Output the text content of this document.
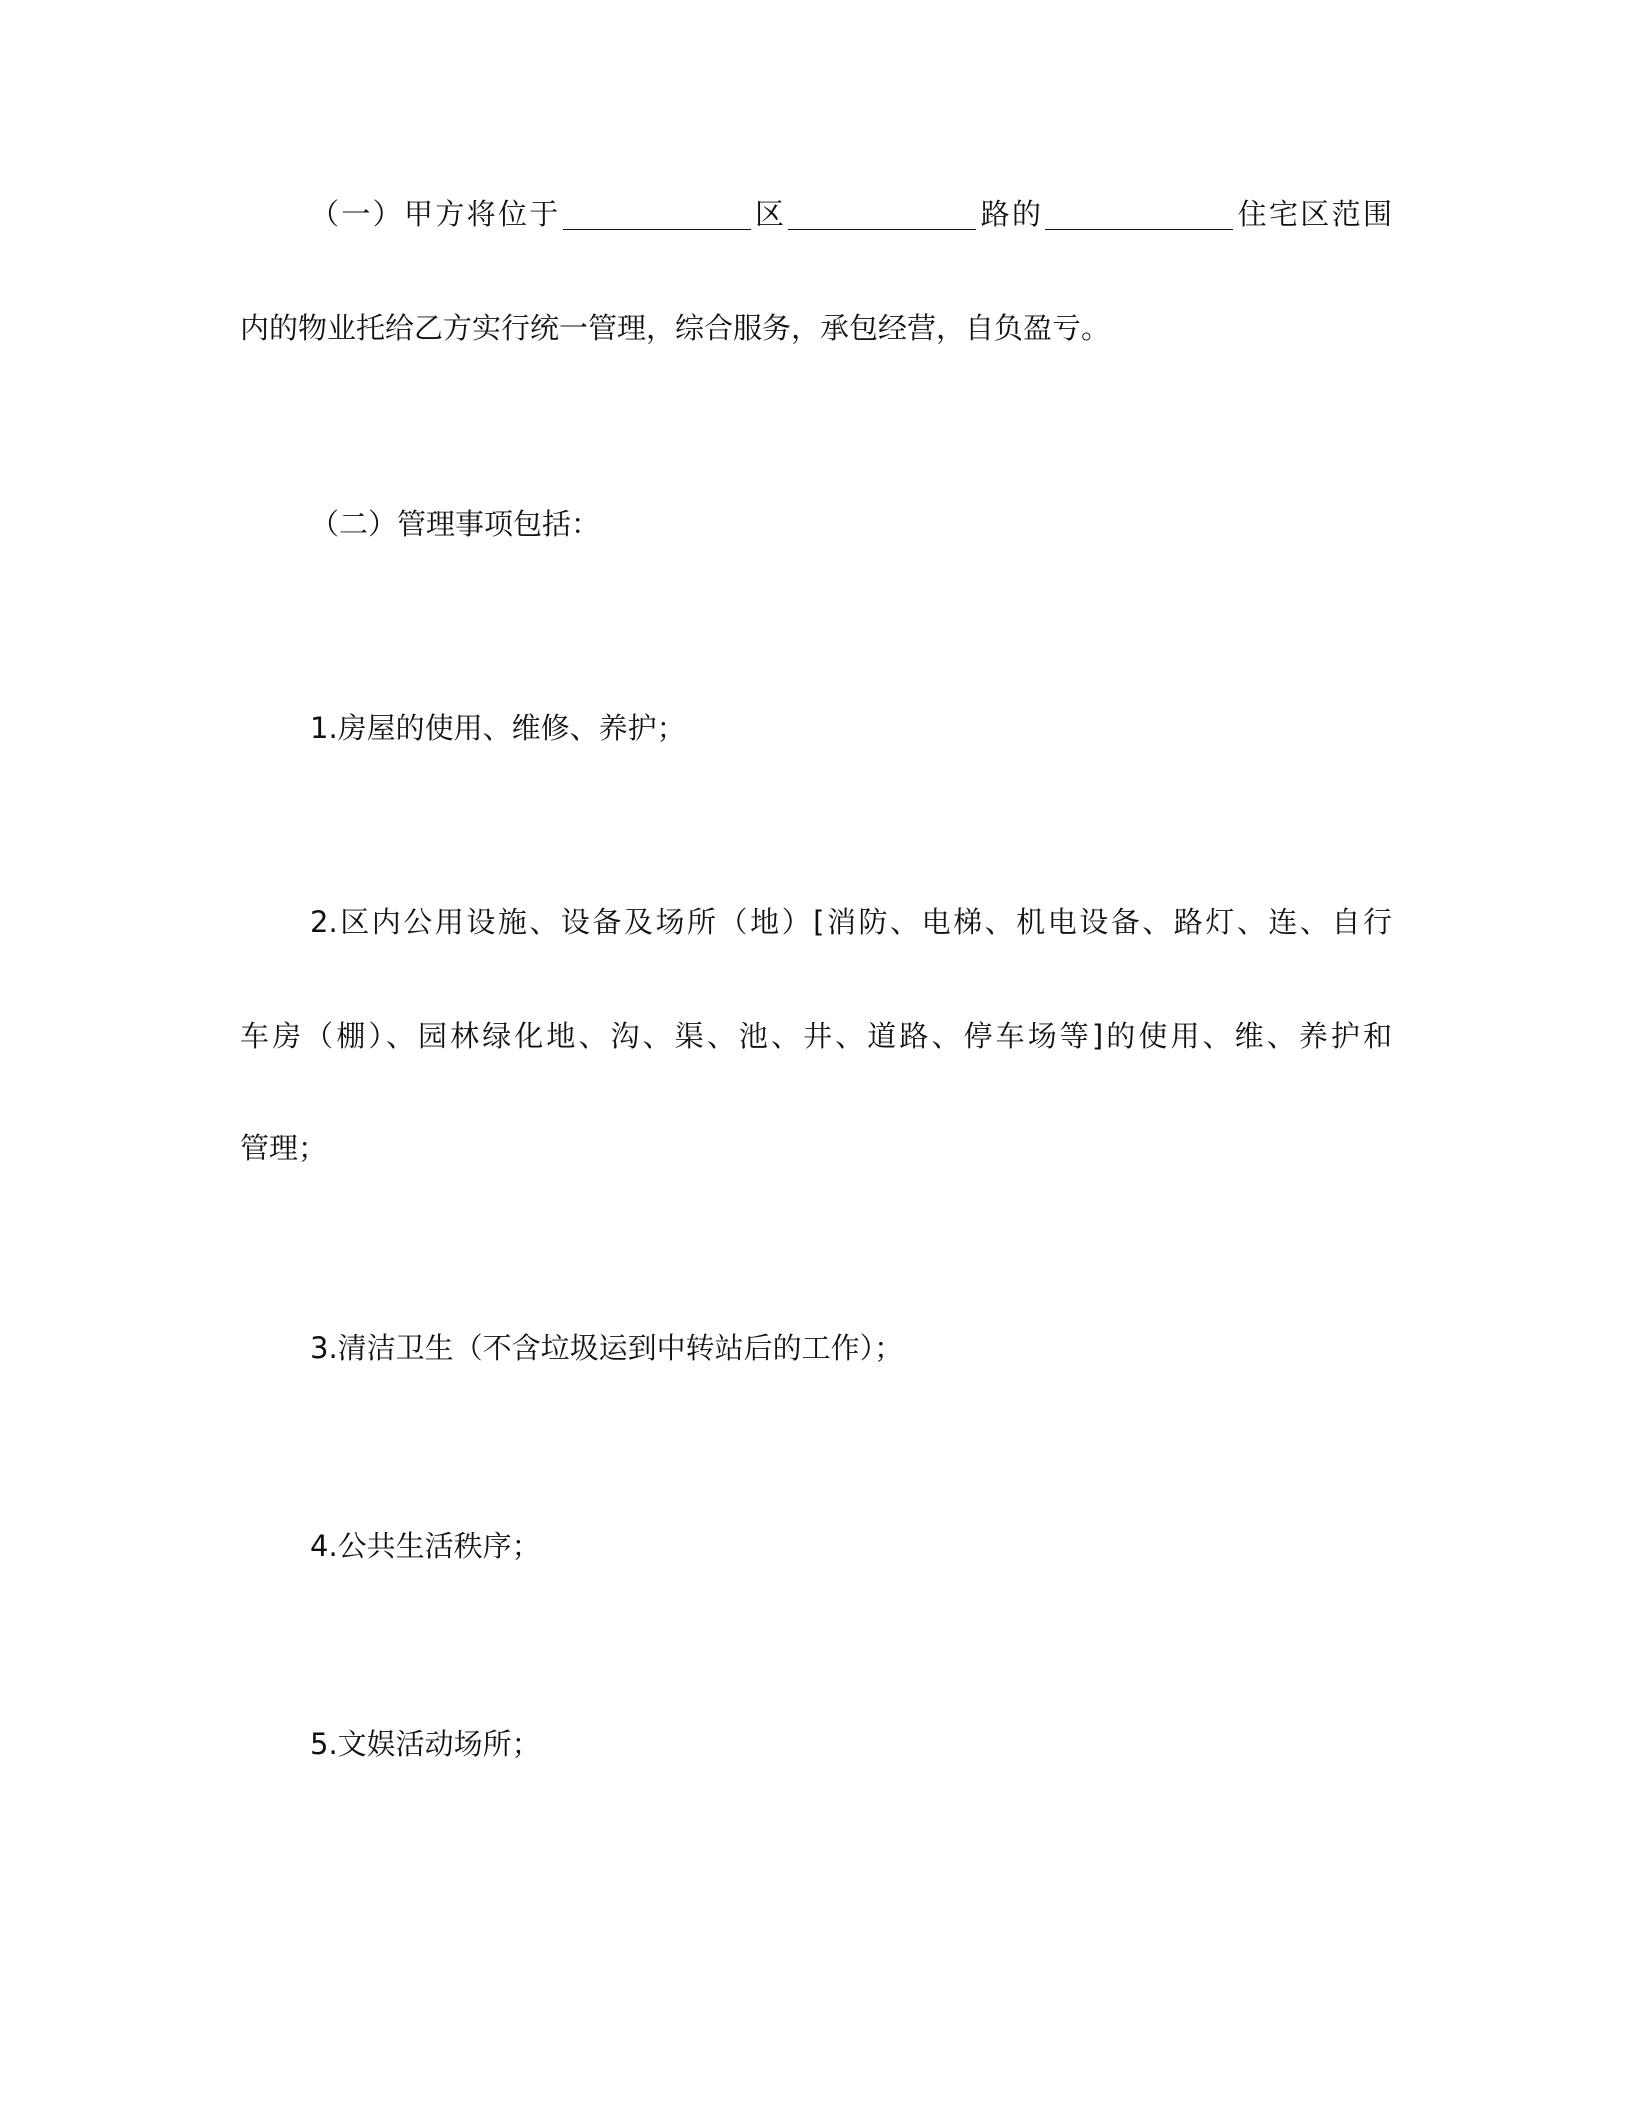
（一）甲方将位于	区	路的	住宅区范围
内的物业托给乙方实行统一管理，综合服务，承包经营，自负盈亏。
（二）管理事项包括：
1.房屋的使用、维修、养护；
2.区内公用设施、设备及场所（地）[消防、电梯、机电设备、路灯、连、自行
车房（棚）、园林绿化地、沟、渠、池、井、道路、停车场等]的使用、维、养护和
管理；
3.清洁卫生（不含垃圾运到中转站后的工作）；
4.公共生活秩序；
5.文娱活动场所；
